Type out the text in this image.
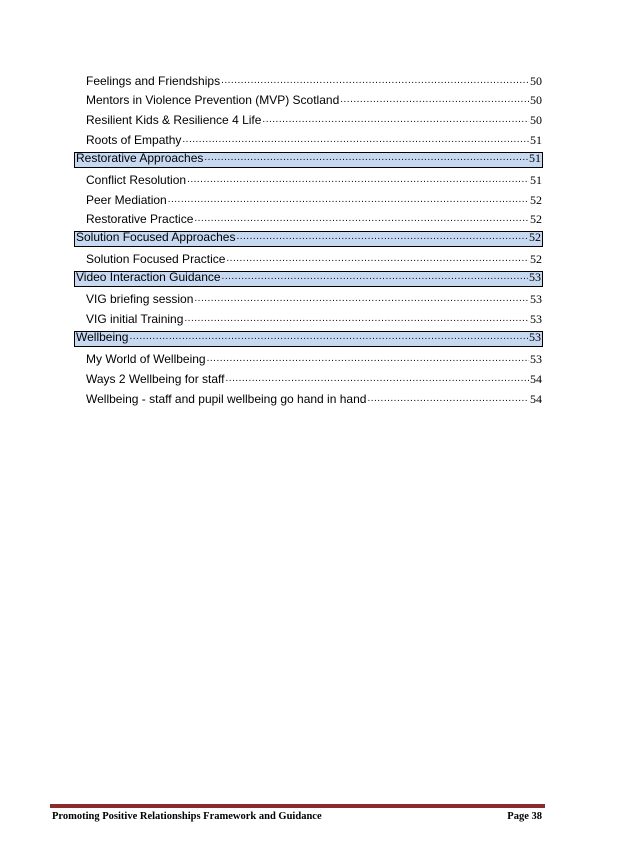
Feelings and Friendships .....	50
Mentors in Violence Prevention (MVP) Scotland .....	50
Resilient Kids & Resilience 4 Life .....	50
Roots of Empathy .....	51
Restorative Approaches .....	51
Conflict Resolution .....	51
Peer Mediation .....	52
Restorative Practice .....	52
Solution Focused Approaches .....	52
Solution Focused Practice .....	52
Video Interaction Guidance .....	53
VIG briefing session .....	53
VIG initial Training .....	53
Wellbeing .....	53
My World of Wellbeing .....	53
Ways 2 Wellbeing for staff .....	54
Wellbeing - staff and pupil wellbeing go hand in hand .....	54
Promoting Positive Relationships Framework and Guidance	Page 38
